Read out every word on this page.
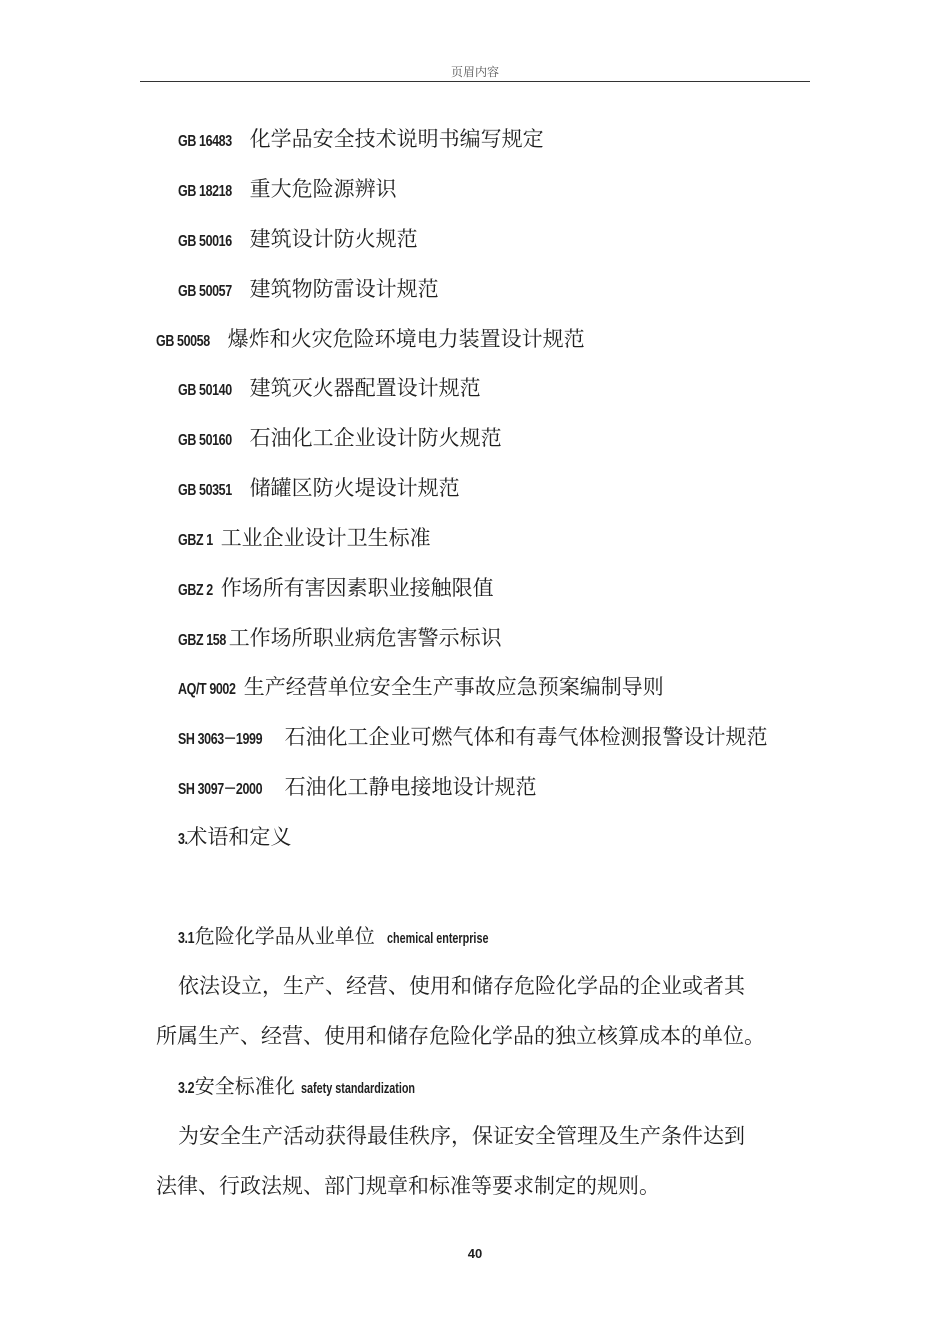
页眉内容
GB 16483 化学品安全技术说明书编写规定
GB 18218 重大危险源辨识
GB 50016 建筑设计防火规范
GB 50057 建筑物防雷设计规范
GB 50058 爆炸和火灾危险环境电力装置设计规范
GB 50140 建筑灭火器配置设计规范
GB 50160 石油化工企业设计防火规范
GB 50351 储罐区防火堤设计规范
GBZ 1 工业企业设计卫生标准
GBZ 2 作场所有害因素职业接触限值
GBZ 158 工作场所职业病危害警示标识
AQ/T 9002 生产经营单位安全生产事故应急预案编制导则
SH 3063－1999 石油化工企业可燃气体和有毒气体检测报警设计规范
SH 3097－2000 石油化工静电接地设计规范
3.术语和定义
3.1危险化学品从业单位 chemical enterprise
依法设立，生产、经营、使用和储存危险化学品的企业或者其
所属生产、经营、使用和储存危险化学品的独立核算成本的单位。
3.2安全标准化 safety standardization
为安全生产活动获得最佳秩序，保证安全管理及生产条件达到
法律、行政法规、部门规章和标准等要求制定的规则。
40
